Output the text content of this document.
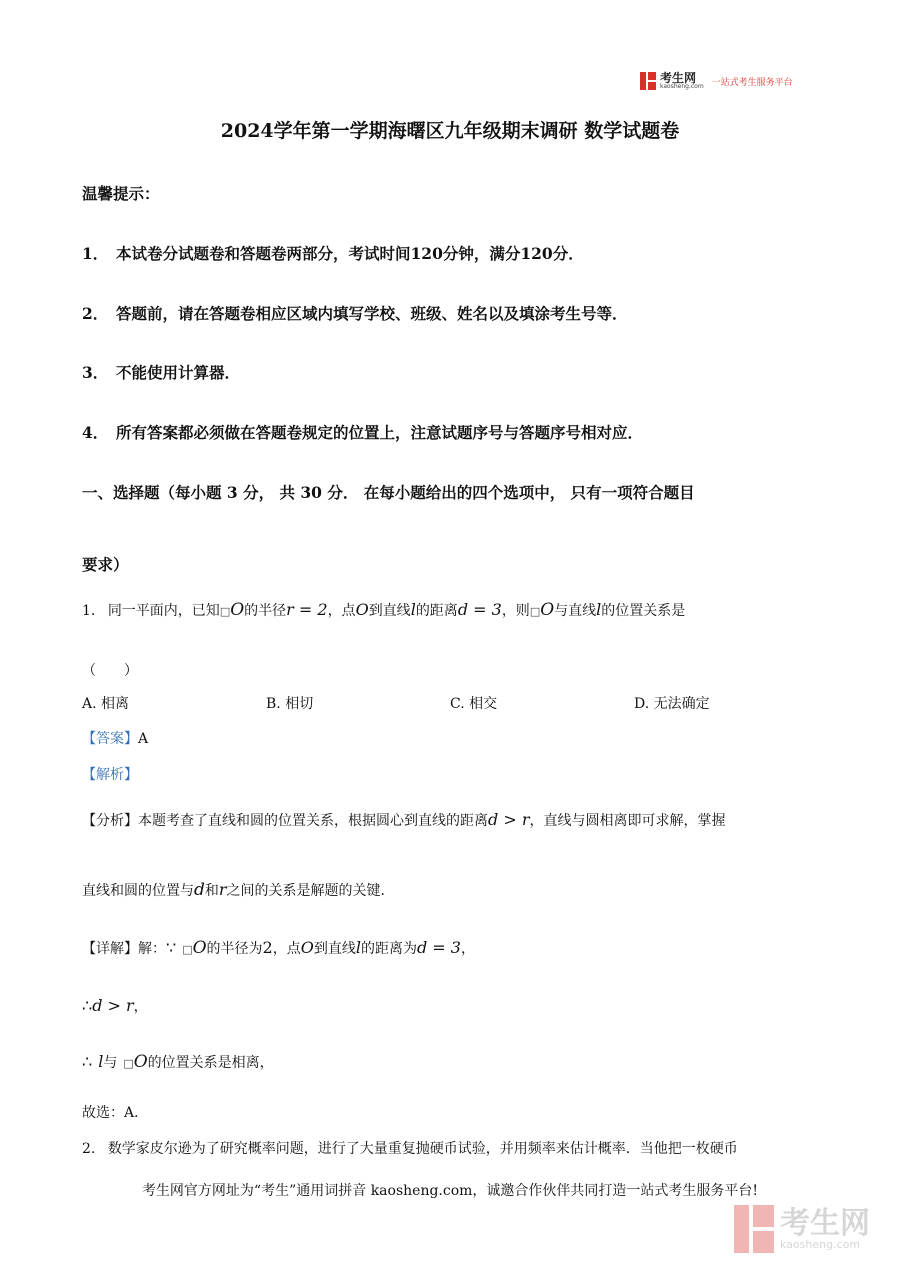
考生网
kaosheng.com 一站式考生服务平台
2024学年第一学期海曙区九年级期末调研 数学试题卷
温馨提示：
1． 本试卷分试题卷和答题卷两部分，考试时间120分钟，满分120分．
2． 答题前，请在答题卷相应区域内填写学校、班级、姓名以及填涂考生号等．
3． 不能使用计算器．
4． 所有答案都必须做在答题卷规定的位置上，注意试题序号与答题序号相对应．
一、选择题（每小题 3 分， 共 30 分． 在每小题给出的四个选项中， 只有一项符合题目
要求）
1. 同一平面内，已知□O的半径r = 2，点O到直线l的距离d = 3，则□O与直线l的位置关系是
（　　）
A. 相离	B. 相切	C. 相交	D. 无法确定
【答案】A
【解析】
【分析】本题考查了直线和圆的位置关系，根据圆心到直线的距离d > r，直线与圆相离即可求解，掌握
直线和圆的位置与d和r之间的关系是解题的关键．
【详解】解：∵ □O的半径为2，点O到直线l的距离为d = 3，
∴d > r，
∴ l与 □O的位置关系是相离，
故选：A．
2. 数学家皮尔逊为了研究概率问题，进行了大量重复抛硬币试验，并用频率来估计概率．当他把一枚硬币
考生网官方网址为“考生”通用词拼音 kaosheng.com，诚邀合作伙伴共同打造一站式考生服务平台!
考生网
kaosheng.com
